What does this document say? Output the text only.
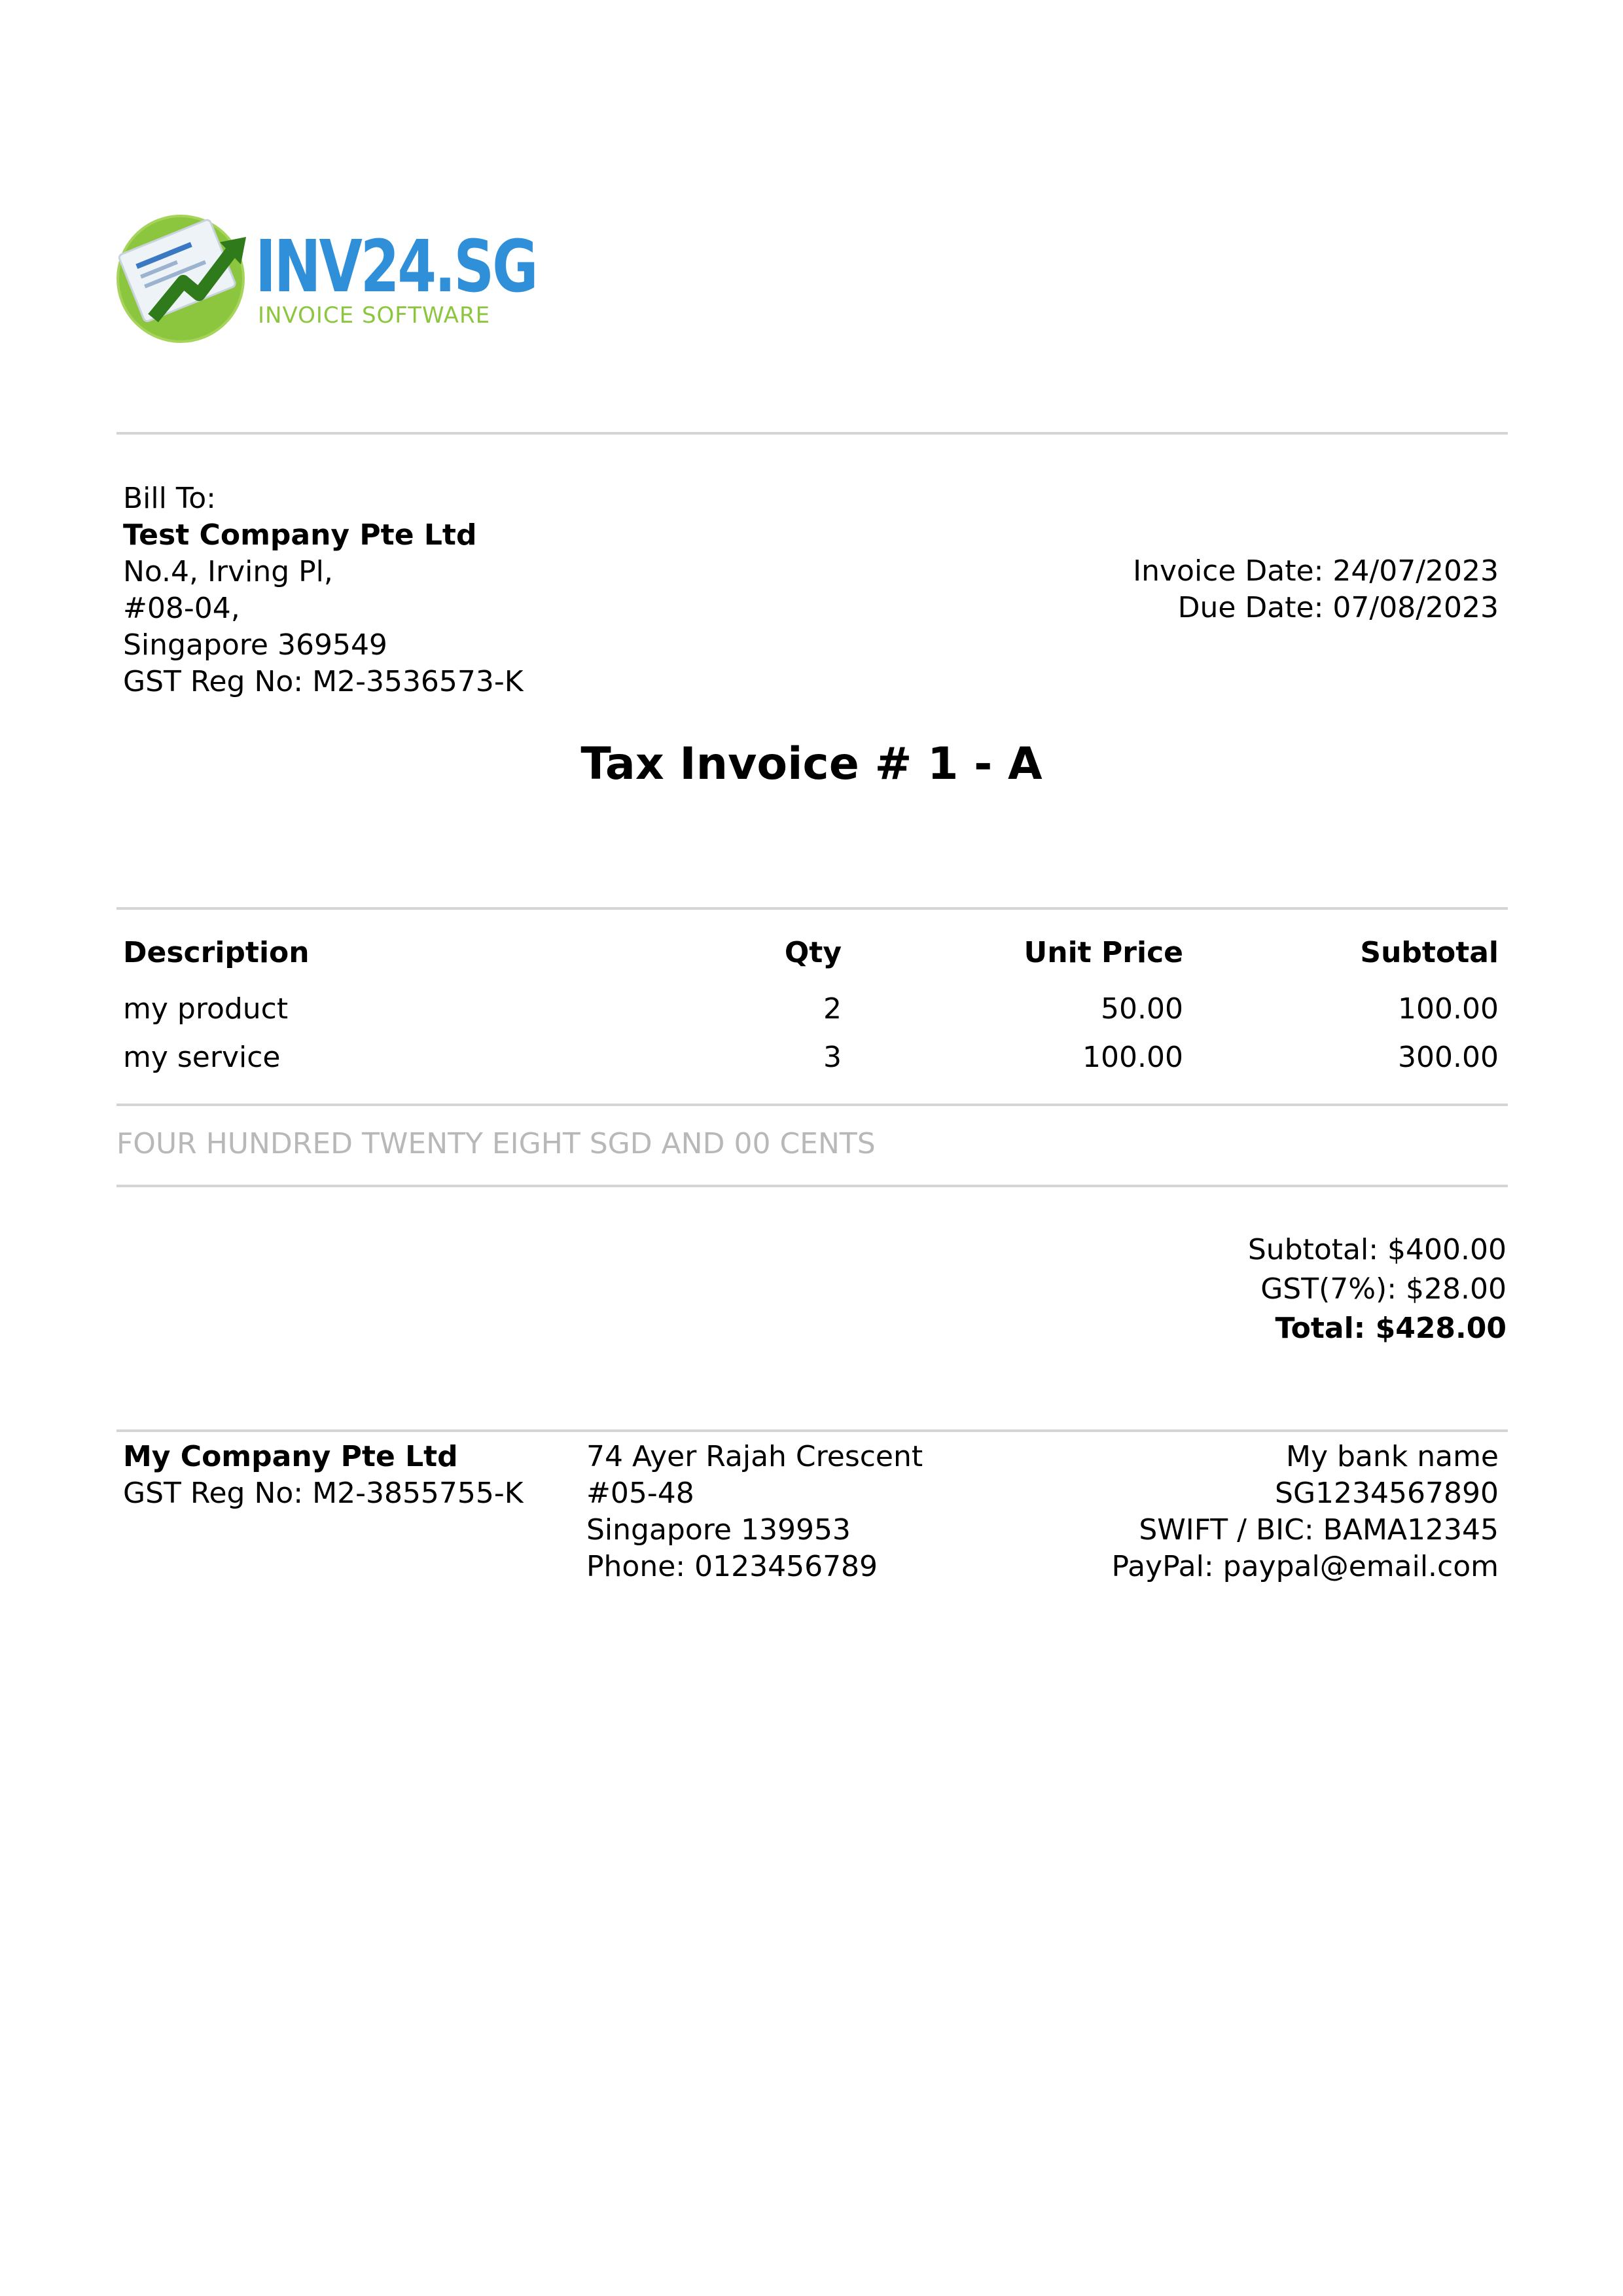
INV24.SG
INVOICE SOFTWARE
Bill To:
Test Company Pte Ltd
No.4, Irving Pl,
#08-04,
Singapore 369549
GST Reg No: M2-3536573-K
Invoice Date: 24/07/2023
Due Date: 07/08/2023
Tax Invoice # 1 - A
Description	Qty	Unit Price	Subtotal
my product	2	50.00	100.00
my service	3	100.00	300.00
FOUR HUNDRED TWENTY EIGHT SGD AND 00 CENTS
Subtotal: $400.00
GST(7%): $28.00
Total: $428.00
My Company Pte Ltd
GST Reg No: M2-3855755-K
74 Ayer Rajah Crescent
#05-48
Singapore 139953
Phone: 0123456789
My bank name
SG1234567890
SWIFT / BIC: BAMA12345
PayPal: paypal@email.com
